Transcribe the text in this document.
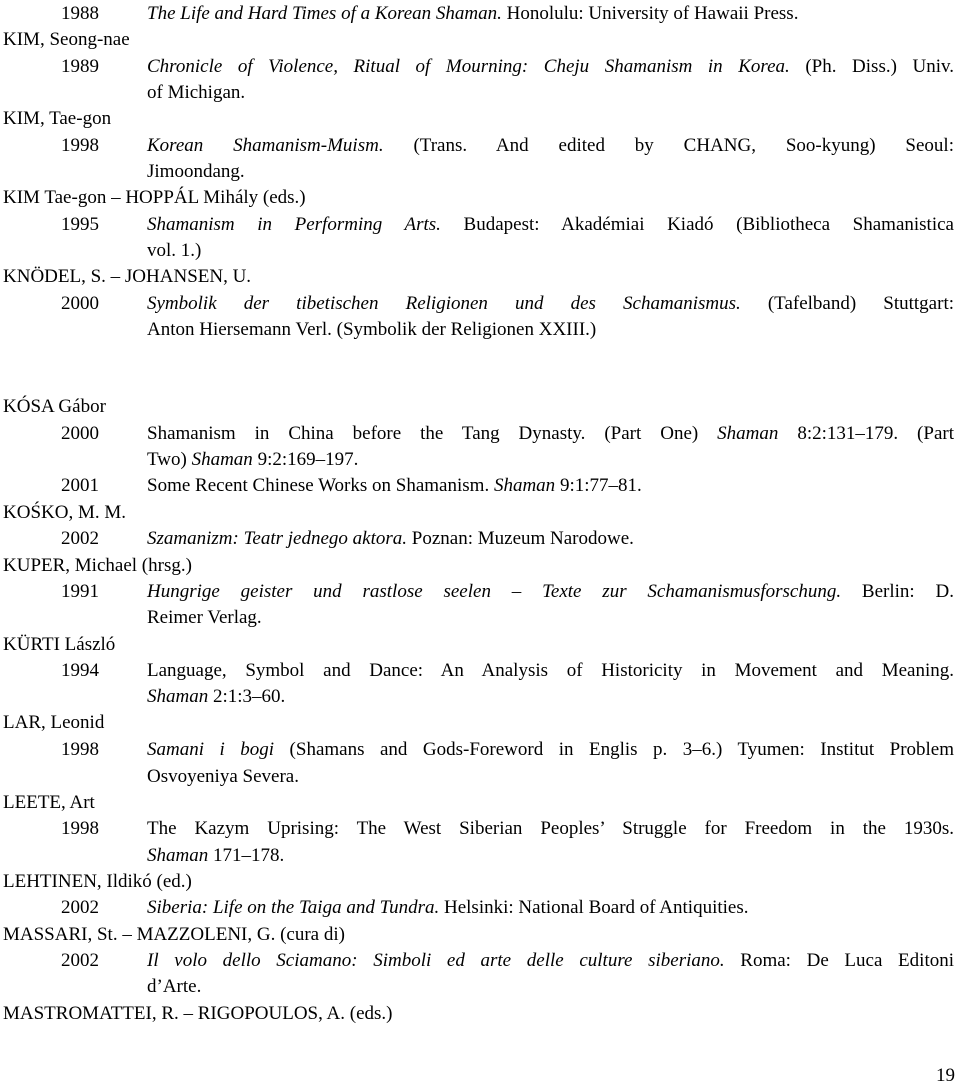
1988	The Life and Hard Times of a Korean Shaman. Honolulu: University of Hawaii Press.
KIM, Seong-nae
1989	Chronicle of Violence, Ritual of Mourning: Cheju Shamanism in Korea. (Ph. Diss.) Univ.
of Michigan.
KIM, Tae-gon
1998	Korean Shamanism-Muism. (Trans. And edited by CHANG, Soo-kyung) Seoul:
Jimoondang.
KIM Tae-gon – HOPPÁL Mihály (eds.)
1995	Shamanism in Performing Arts. Budapest: Akadémiai Kiadó (Bibliotheca Shamanistica
vol. 1.)
KNÖDEL, S. – JOHANSEN, U.
2000	Symbolik der tibetischen Religionen und des Schamanismus. (Tafelband) Stuttgart:
Anton Hiersemann Verl. (Symbolik der Religionen XXIII.)
KÓSA Gábor
2000	Shamanism in China before the Tang Dynasty. (Part One) Shaman 8:2:131–179. (Part
Two) Shaman 9:2:169–197.
2001	Some Recent Chinese Works on Shamanism. Shaman 9:1:77–81.
KOŚKO, M. M.
2002	Szamanizm: Teatr jednego aktora. Poznan: Muzeum Narodowe.
KUPER, Michael (hrsg.)
1991	Hungrige geister und rastlose seelen – Texte zur Schamanismusforschung. Berlin: D.
Reimer Verlag.
KÜRTI László
1994	Language, Symbol and Dance: An Analysis of Historicity in Movement and Meaning.
Shaman 2:1:3–60.
LAR, Leonid
1998	Samani i bogi (Shamans and Gods-Foreword in Englis p. 3–6.) Tyumen: Institut Problem
Osvoyeniya Severa.
LEETE, Art
1998	The Kazym Uprising: The West Siberian Peoples’ Struggle for Freedom in the 1930s.
Shaman 171–178.
LEHTINEN, Ildikó (ed.)
2002	Siberia: Life on the Taiga and Tundra. Helsinki: National Board of Antiquities.
MASSARI, St. – MAZZOLENI, G. (cura di)
2002	Il volo dello Sciamano: Simboli ed arte delle culture siberiano. Roma: De Luca Editoni
d’Arte.
MASTROMATTEI, R. – RIGOPOULOS, A. (eds.)
19
